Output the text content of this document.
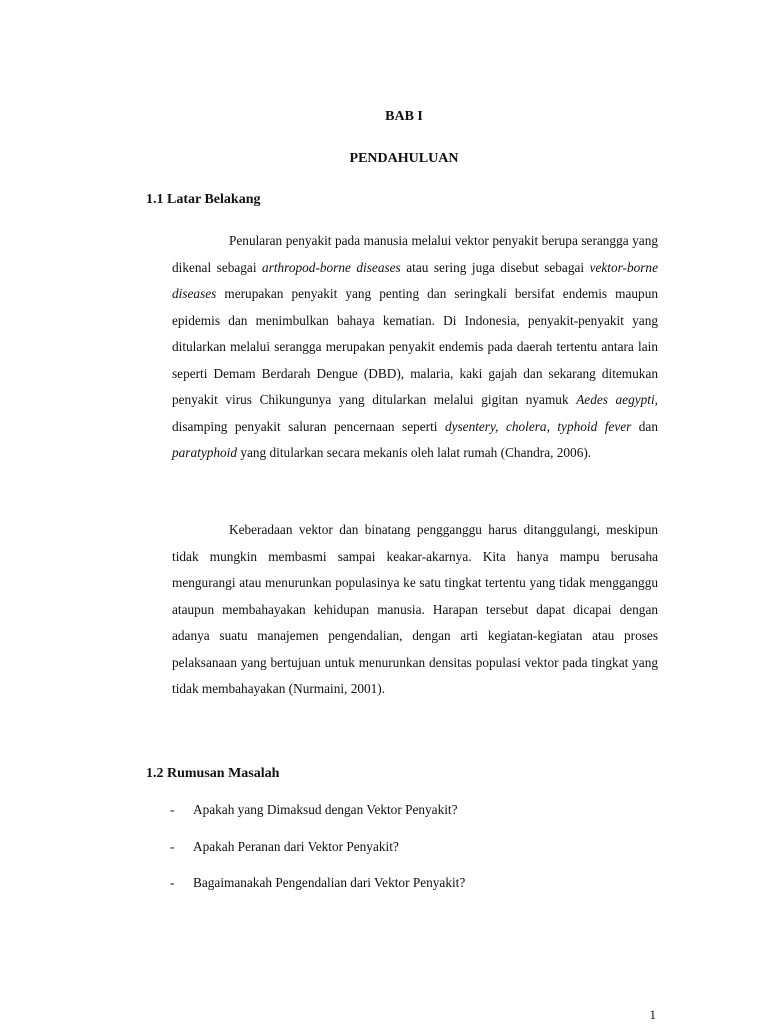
BAB I
PENDAHULUAN
1.1 Latar Belakang

Penularan penyakit pada manusia melalui vektor penyakit berupa serangga yang dikenal sebagai arthropod-borne diseases atau sering juga disebut sebagai vektor-borne diseases merupakan penyakit yang penting dan seringkali bersifat endemis maupun epidemis dan menimbulkan bahaya kematian. Di Indonesia, penyakit-penyakit yang ditularkan melalui serangga merupakan penyakit endemis pada daerah tertentu antara lain seperti Demam Berdarah Dengue (DBD), malaria, kaki gajah dan sekarang ditemukan penyakit virus Chikungunya yang ditularkan melalui gigitan nyamuk Aedes aegypti, disamping penyakit saluran pencernaan seperti dysentery, cholera, typhoid fever dan paratyphoid yang ditularkan secara mekanis oleh lalat rumah (Chandra, 2006).

Keberadaan vektor dan binatang pengganggu harus ditanggulangi, meskipun tidak mungkin membasmi sampai keakar-akarnya. Kita hanya mampu berusaha mengurangi atau menurunkan populasinya ke satu tingkat tertentu yang tidak mengganggu ataupun membahayakan kehidupan manusia. Harapan tersebut dapat dicapai dengan adanya suatu manajemen pengendalian, dengan arti kegiatan-kegiatan atau proses pelaksanaan yang bertujuan untuk menurunkan densitas populasi vektor pada tingkat yang tidak membahayakan (Nurmaini, 2001).

1.2 Rumusan Masalah
-	Apakah yang Dimaksud dengan Vektor Penyakit?
-	Apakah Peranan dari Vektor Penyakit?
-	Bagaimanakah Pengendalian dari Vektor Penyakit?
1
